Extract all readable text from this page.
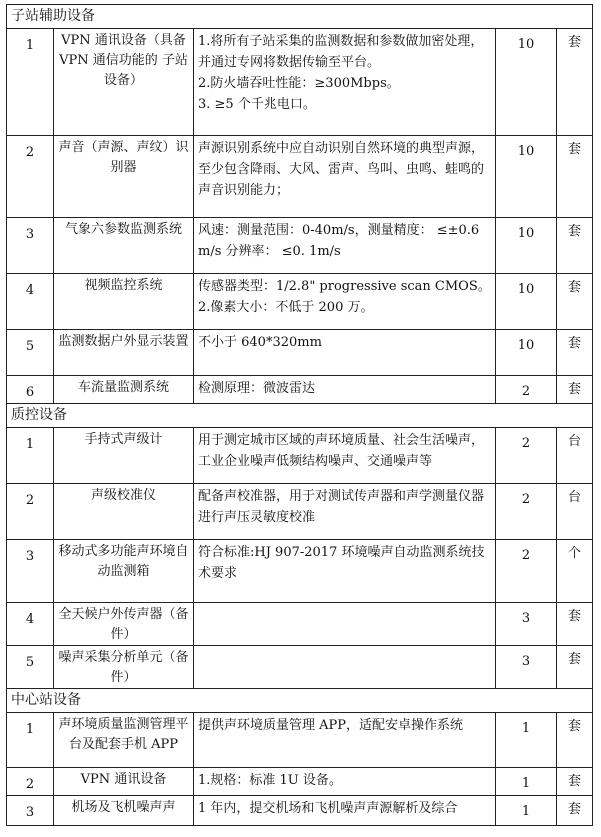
子站辅助设备				
1	VPN 通讯设备（具备 VPN 通信功能的 子站设备）	1.将所有子站采集的监测数据和参数做加密处理，并通过专网将数据传输至平台。
2.防火墙吞吐性能：≥300Mbps。
3. ≥5 个千兆电口。	10	套
2	声音（声源、声纹）识别器	声源识别系统中应自动识别自然环境的典型声源，至少包含降雨、大风、雷声、鸟叫、虫鸣、蛙鸣的声音识别能力；	10	套
3	气象六参数监测系统	风速：测量范围：0-40m/s，测量精度： ≤±0.6m/s 分辨率： ≤0. 1m/s	10	套
4	视频监控系统	传感器类型：1/2.8" progressive scan CMOS。
2.像素大小：不低于 200 万。	10	套
5	监测数据户外显示装置	不小于 640*320mm	10	套
6	车流量监测系统	检测原理：微波雷达	2	套
质控设备				
1	手持式声级计	用于测定城市区域的声环境质量、社会生活噪声，工业企业噪声低频结构噪声、交通噪声等	2	台
2	声级校准仪	配备声校准器，用于对测试传声器和声学测量仪器进行声压灵敏度校准	2	台
3	移动式多功能声环境自动监测箱	符合标准:HJ 907-2017 环境噪声自动监测系统技术要求	2	个
4	全天候户外传声器（备件）		3	套
5	噪声采集分析单元（备件）		3	套
中心站设备				
1	声环境质量监测管理平台及配套手机 APP	提供声环境质量管理 APP，适配安卓操作系统	1	套
2	VPN 通讯设备	1.规格：标准 1U 设备。	1	套
3	机场及飞机噪声声	1 年内，提交机场和飞机噪声声源解析及综合	1	套
